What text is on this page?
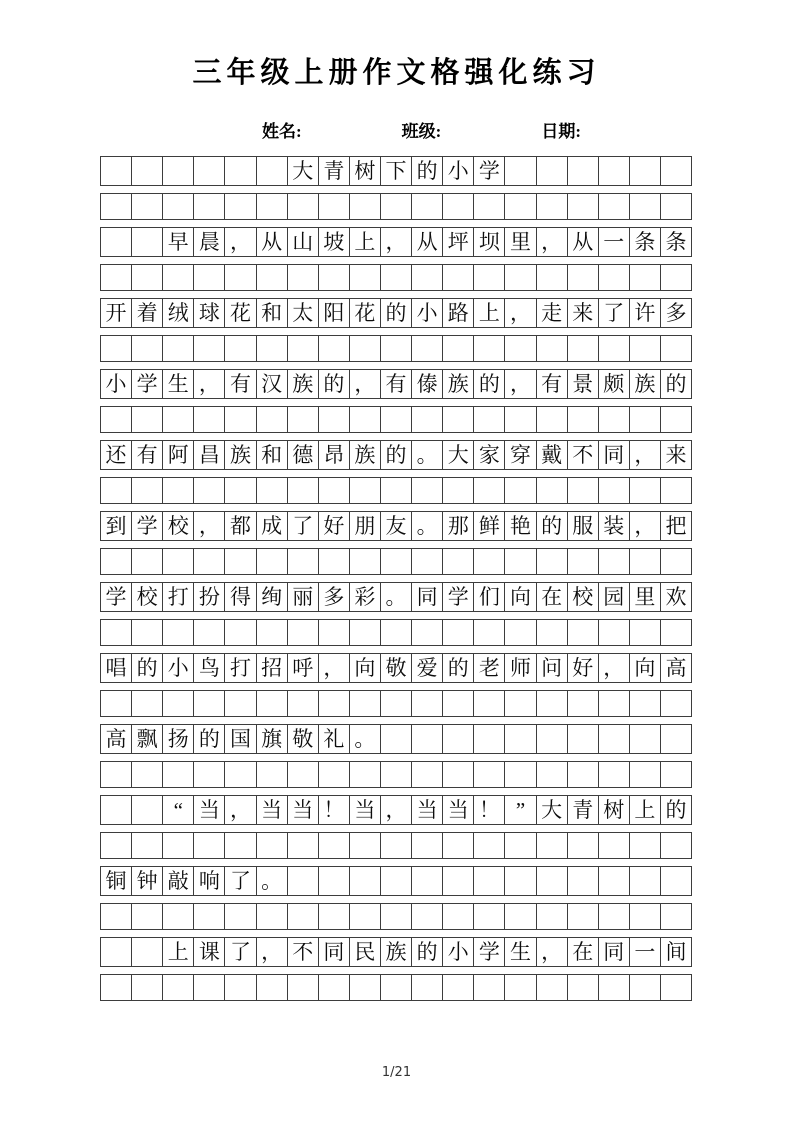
三年级上册作文格强化练习
姓名:	班级:	日期:
大 青 树 下 的 小 学
早 晨 ， 从 山 坡 上 ， 从 坪 坝 里 ， 从 一 条 条
开 着 绒 球 花 和 太 阳 花 的 小 路 上 ， 走 来 了 许 多
小 学 生 ， 有 汉 族 的 ， 有 傣 族 的 ， 有 景 颇 族 的
还 有 阿 昌 族 和 德 昂 族 的 。 大 家 穿 戴 不 同 ， 来
到 学 校 ， 都 成 了 好 朋 友 。 那 鲜 艳 的 服 装 ， 把
学 校 打 扮 得 绚 丽 多 彩 。 同 学 们 向 在 校 园 里 欢
唱 的 小 鸟 打 招 呼 ， 向 敬 爱 的 老 师 问 好 ， 向 高
高 飘 扬 的 国 旗 敬 礼 。
“ 当 ， 当 当 ！ 当 ， 当 当 ！ ” 大 青 树 上 的
铜 钟 敲 响 了 。
上 课 了 ， 不 同 民 族 的 小 学 生 ， 在 同 一 间
1/21
